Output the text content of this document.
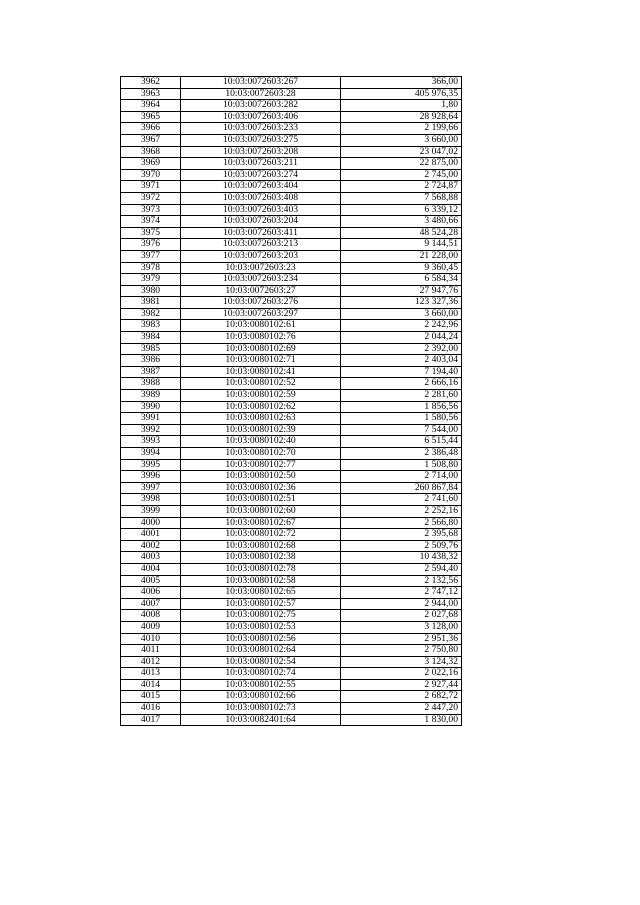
3962	10:03:0072603:267	366,00
3963	10:03:0072603:28	405 976,35
3964	10:03:0072603:282	1,80
3965	10:03:0072603:406	28 928,64
3966	10:03:0072603:233	2 199,66
3967	10:03:0072603:275	3 660,00
3968	10:03:0072603:208	23 047,02
3969	10:03:0072603:211	22 875,00
3970	10:03:0072603:274	2 745,00
3971	10:03:0072603:404	2 724,87
3972	10:03:0072603:408	7 568,88
3973	10:03:0072603:403	6 339,12
3974	10:03:0072603:204	3 480,66
3975	10:03:0072603:411	48 524,28
3976	10:03:0072603:213	9 144,51
3977	10:03:0072603:203	21 228,00
3978	10:03:0072603:23	9 360,45
3979	10:03:0072603:234	6 584,34
3980	10:03:0072603:27	27 947,76
3981	10:03:0072603:276	123 327,36
3982	10:03:0072603:297	3 660,00
3983	10:03:0080102:61	2 242,96
3984	10:03:0080102:76	2 044,24
3985	10:03:0080102:69	2 392,00
3986	10:03:0080102:71	2 403,04
3987	10:03:0080102:41	7 194,40
3988	10:03:0080102:52	2 666,16
3989	10:03:0080102:59	2 281,60
3990	10:03:0080102:62	1 856,56
3991	10:03:0080102:63	1 580,56
3992	10:03:0080102:39	7 544,00
3993	10:03:0080102:40	6 515,44
3994	10:03:0080102:70	2 386,48
3995	10:03:0080102:77	1 508,80
3996	10:03:0080102:50	2 714,00
3997	10:03:0080102:36	260 867,84
3998	10:03:0080102:51	2 741,60
3999	10:03:0080102:60	2 252,16
4000	10:03:0080102:67	2 566,80
4001	10:03:0080102:72	2 395,68
4002	10:03:0080102:68	2 509,76
4003	10:03:0080102:38	10 438,32
4004	10:03:0080102:78	2 594,40
4005	10:03:0080102:58	2 132,56
4006	10:03:0080102:65	2 747,12
4007	10:03:0080102:57	2 944,00
4008	10:03:0080102:75	2 027,68
4009	10:03:0080102:53	3 128,00
4010	10:03:0080102:56	2 951,36
4011	10:03:0080102:64	2 750,80
4012	10:03:0080102:54	3 124,32
4013	10:03:0080102:74	2 022,16
4014	10:03:0080102:55	2 927,44
4015	10:03:0080102:66	2 682,72
4016	10:03:0080102:73	2 447,20
4017	10:03:0082401:64	1 830,00
